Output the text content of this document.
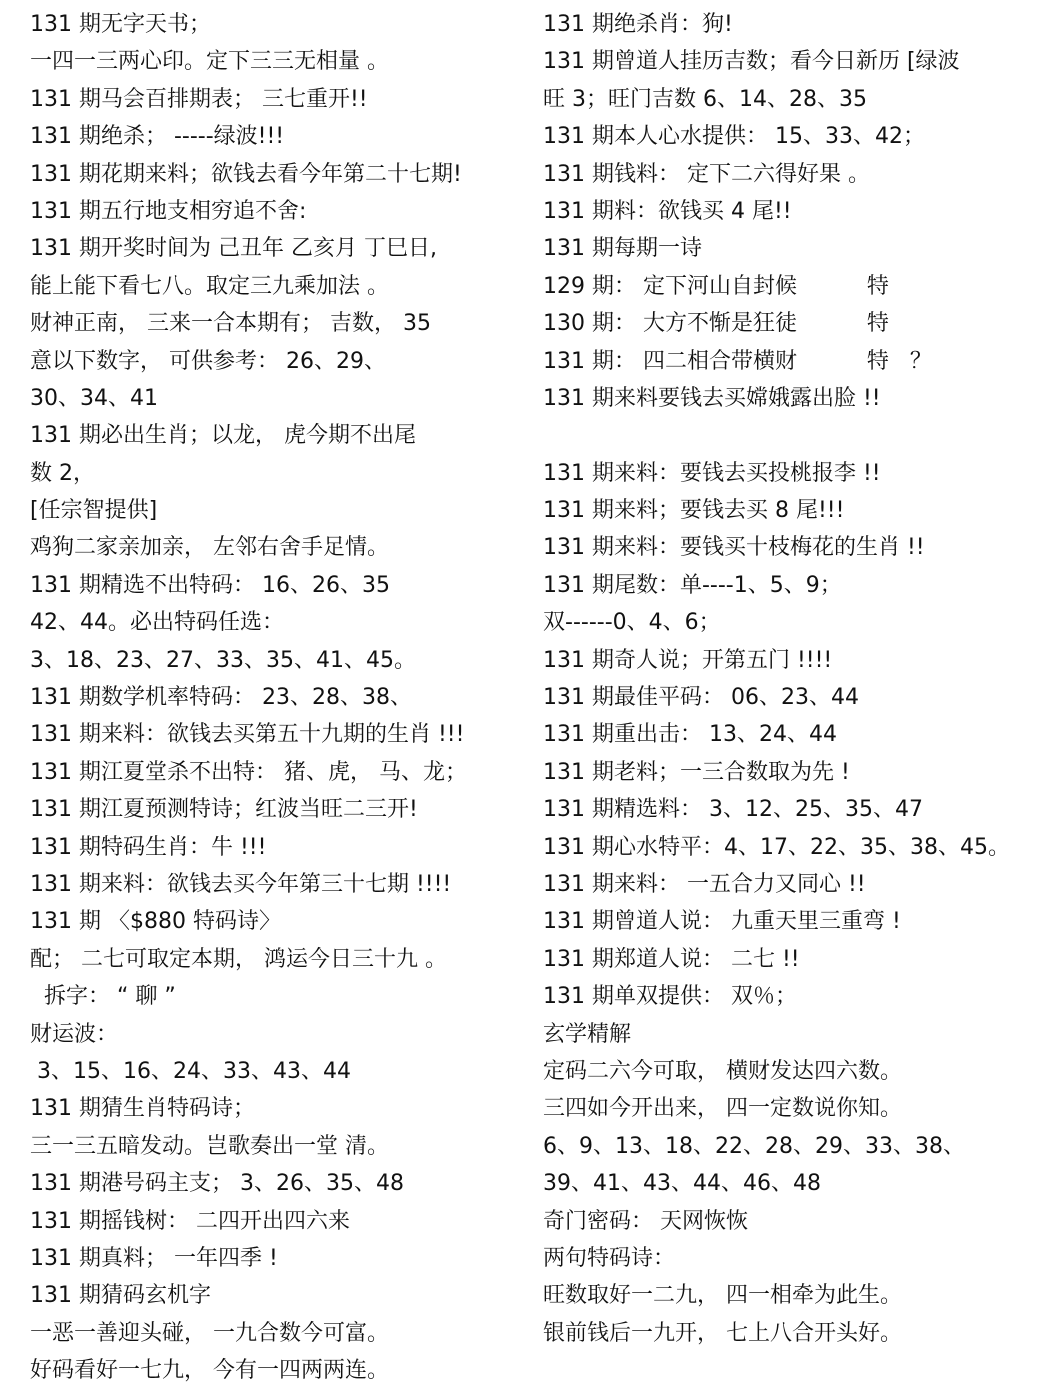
131 期无字天书；
一四一三两心印。定下三三无相量 。
131 期马会百排期表； 三七重开!!
131 期绝杀； -----绿波!!!
131 期花期来料；欲钱去看今年第二十七期!
131 期五行地支相穷追不舍:
131 期开奖时间为 己丑年 乙亥月 丁巳日,
能上能下看七八。取定三九乘加法 。
财神正南， 三来一合本期有； 吉数， 35
意以下数字， 可供参考： 26、29、
30、34、41
131 期必出生肖；以龙， 虎今期不出尾
数 2，
[任宗智提供]
鸡狗二家亲加亲， 左邻右舍手足情。
131 期精选不出特码： 16、26、35
42、44。必出特码任选：
3、18、23、27、33、35、41、45。
131 期数学机率特码： 23、28、38、
131 期来料：欲钱去买第五十九期的生肖 !!!
131 期江夏堂杀不出特： 猪、虎， 马、龙；
131 期江夏预测特诗；红波当旺二三开!
131 期特码生肖：牛 !!!
131 期来料：欲钱去买今年第三十七期 !!!!
131 期 〈$880 特码诗〉
配； 二七可取定本期， 鸿运今日三十九 。
拆字： “ 聊 ”
财运波：
3、15、16、24、33、43、44
131 期猜生肖特码诗；
三一三五暗发动。岂歌奏出一堂 清。
131 期港号码主支； 3、26、35、48
131 期摇钱树： 二四开出四六来
131 期真料； 一年四季 !
131 期猜码玄机字
一恶一善迎头碰， 一九合数今可富。
好码看好一七九， 今有一四两两连。
131 期绝杀肖：狗!
131 期曾道人挂历吉数；看今日新历 [绿波
旺 3；旺门吉数 6、14、28、35
131 期本人心水提供： 15、33、42；
131 期钱料： 定下二六得好果 。
131 期料：欲钱买 4 尾!!
131 期每期一诗
129 期： 定下河山自封候          特
130 期： 大方不惭是狂徒          特
131 期： 四二相合带横财          特   ？
131 期来料要钱去买嫦娥露出脸 !!
131 期来料：要钱去买投桃报李 !!
131 期来料；要钱去买 8 尾!!!
131 期来料：要钱买十枝梅花的生肖 !!
131 期尾数：单----1、5、9；
双------0、4、6；
131 期奇人说；开第五门 !!!!
131 期最佳平码： 06、23、44
131 期重出击： 13、24、44
131 期老料；一三合数取为先 !
131 期精选料： 3、12、25、35、47
131 期心水特平：4、17、22、35、38、45。
131 期来料： 一五合力又同心 !!
131 期曾道人说： 九重天里三重弯 !
131 期郑道人说： 二七 !!
131 期单双提供： 双％；
玄学精解
定码二六今可取， 横财发达四六数。
三四如今开出来， 四一定数说你知。
6、9、13、18、22、28、29、33、38、
39、41、43、44、46、48
奇门密码： 天网恢恢
两句特码诗：
旺数取好一二九， 四一相牵为此生。
银前钱后一九开， 七上八合开头好。
